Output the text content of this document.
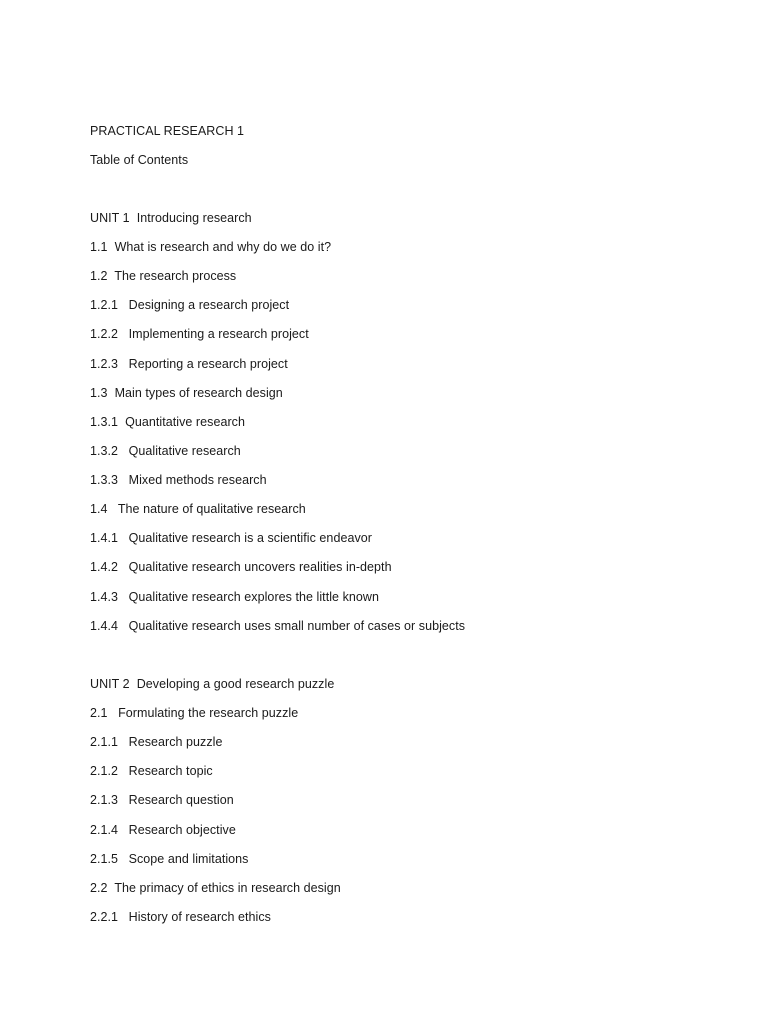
PRACTICAL RESEARCH 1
Table of Contents
UNIT 1  Introducing research
1.1  What is research and why do we do it?
1.2  The research process
1.2.1   Designing a research project
1.2.2   Implementing a research project
1.2.3   Reporting a research project
1.3  Main types of research design
1.3.1  Quantitative research
1.3.2   Qualitative research
1.3.3   Mixed methods research
1.4   The nature of qualitative research
1.4.1   Qualitative research is a scientific endeavor
1.4.2   Qualitative research uncovers realities in-depth
1.4.3   Qualitative research explores the little known
1.4.4   Qualitative research uses small number of cases or subjects
UNIT 2  Developing a good research puzzle
2.1   Formulating the research puzzle
2.1.1   Research puzzle
2.1.2   Research topic
2.1.3   Research question
2.1.4   Research objective
2.1.5   Scope and limitations
2.2  The primacy of ethics in research design
2.2.1   History of research ethics
